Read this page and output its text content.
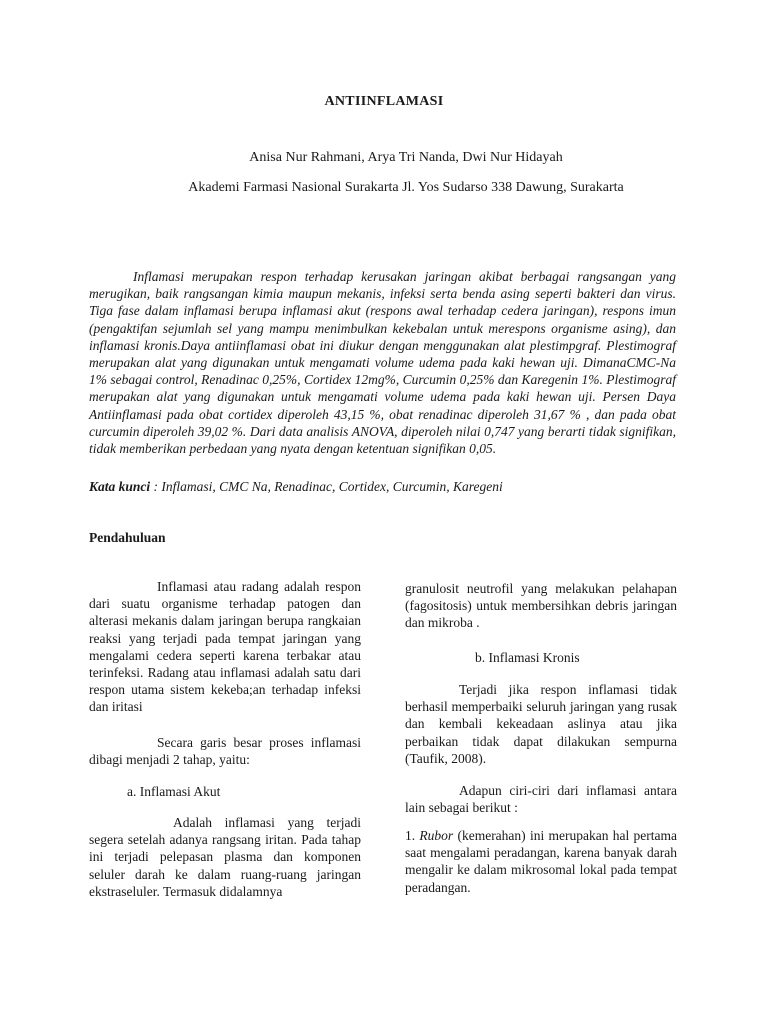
ANTIINFLAMASI
Anisa Nur Rahmani, Arya Tri Nanda, Dwi Nur Hidayah
Akademi Farmasi Nasional Surakarta Jl. Yos Sudarso 338 Dawung, Surakarta

Inflamasi merupakan respon terhadap kerusakan jaringan akibat berbagai rangsangan yang merugikan, baik rangsangan kimia maupun mekanis, infeksi serta benda asing seperti bakteri dan virus. Tiga fase dalam inflamasi berupa inflamasi akut (respons awal terhadap cedera jaringan), respons imun (pengaktifan sejumlah sel yang mampu menimbulkan kekebalan untuk merespons organisme asing), dan inflamasi kronis.Daya antiinflamasi obat ini diukur dengan menggunakan alat plestimpgraf. Plestimograf merupakan alat yang digunakan untuk mengamati volume udema pada kaki hewan uji. DimanaCMC-Na 1% sebagai control, Renadinac 0,25%, Cortidex 12mg%, Curcumin 0,25% dan Karegenin 1%. Plestimograf merupakan alat yang digunakan untuk mengamati volume udema pada kaki hewan uji. Persen Daya Antiinflamasi pada obat cortidex diperoleh 43,15 %, obat renadinac diperoleh 31,67 % , dan pada obat curcumin diperoleh 39,02 %. Dari data analisis ANOVA, diperoleh nilai 0,747 yang berarti tidak signifikan, tidak memberikan perbedaan yang nyata dengan ketentuan signifikan 0,05.

Kata kunci : Inflamasi, CMC Na, Renadinac, Cortidex, Curcumin, Karegeni

Pendahuluan

Inflamasi atau radang adalah respon dari suatu organisme terhadap patogen dan alterasi mekanis dalam jaringan berupa rangkaian reaksi yang terjadi pada tempat jaringan yang mengalami cedera seperti karena terbakar atau terinfeksi. Radang atau inflamasi adalah satu dari respon utama sistem kekeba;an terhadap infeksi dan iritasi

Secara garis besar proses inflamasi dibagi menjadi 2 tahap, yaitu:

a. Inflamasi Akut

Adalah inflamasi yang terjadi segera setelah adanya rangsang iritan. Pada tahap ini terjadi pelepasan plasma dan komponen seluler darah ke dalam ruang-ruang jaringan ekstraseluler. Termasuk didalamnya

granulosit neutrofil yang melakukan pelahapan (fagositosis) untuk membersihkan debris jaringan dan mikroba .

b. Inflamasi Kronis

Terjadi jika respon inflamasi tidak berhasil memperbaiki seluruh jaringan yang rusak dan kembali kekeadaan aslinya atau jika perbaikan tidak dapat dilakukan sempurna (Taufik, 2008).

Adapun ciri-ciri dari inflamasi antara lain sebagai berikut :

1. Rubor (kemerahan) ini merupakan hal pertama saat mengalami peradangan, karena banyak darah mengalir ke dalam mikrosomal lokal pada tempat peradangan.
